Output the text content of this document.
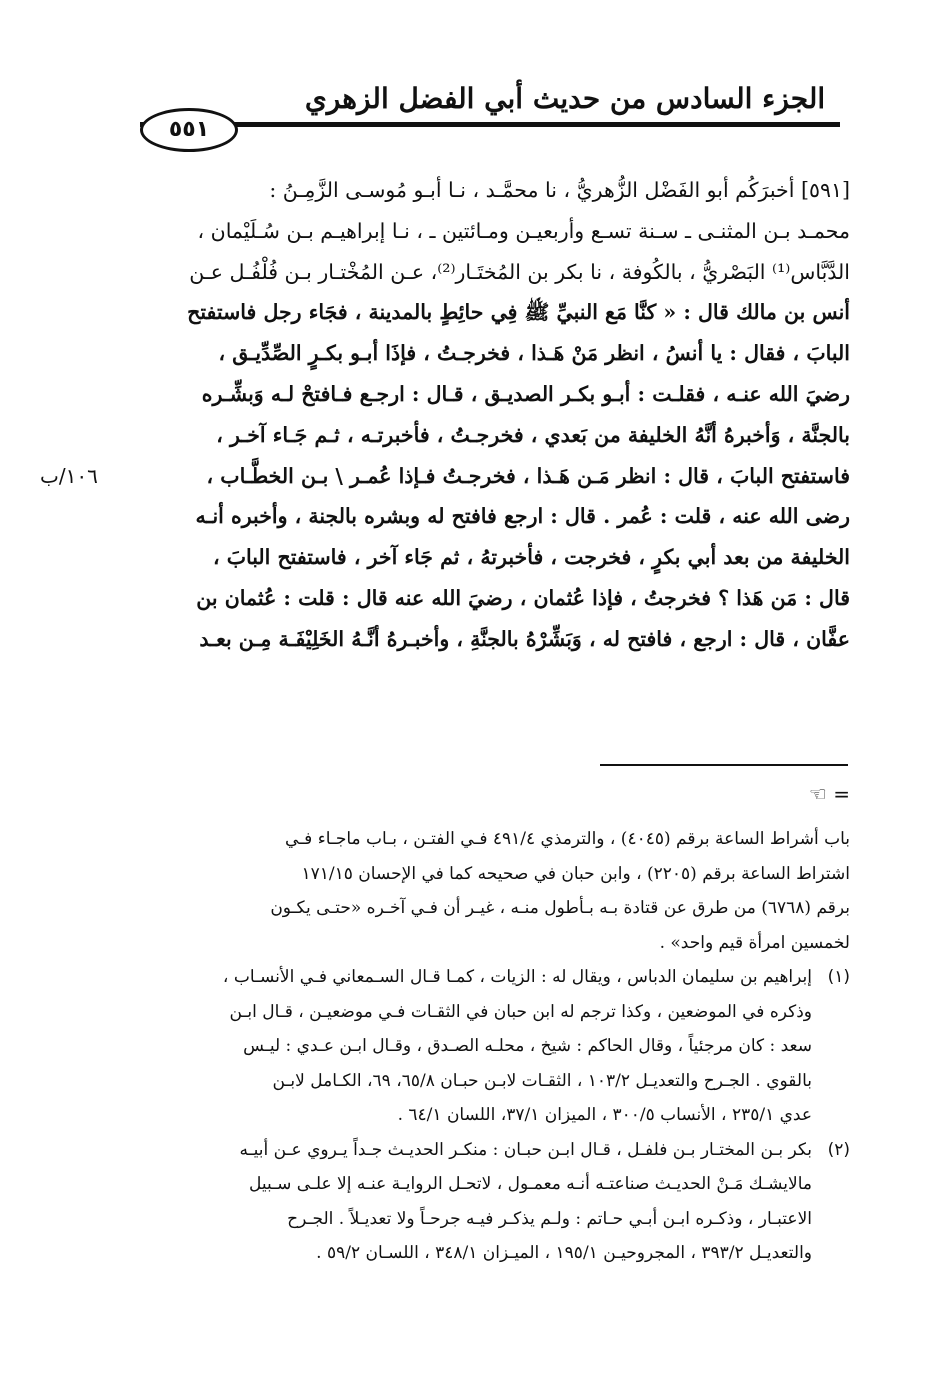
الجزء السادس من حديث أبي الفضل الزهري
٥٥١
[٥٩١] أخبرَكُم أبو الفَضْل الزُّهريُّ ، نا محمَّـد ، نـا أبـو مُوسـى الزَّمِـنُ :
محمـد بـن المثنـى ـ سـنة تسـع وأربعيـن ومـائتين ـ ، نـا إبراهيـم بـن سُـلَيْمان ،
الدَّبَّاس⁽¹⁾ البَصْريُّ ، بالكُوفة ، نا بكر بن المُختَـار⁽²⁾، عـن المُخْتـار بـن فُلْفُـل عـن
أنس بن مالك قال : « كنَّا مَع النبيِّ ﷺ فِي حائِطٍ بالمدينة ، فجَاء رجل فاستفتح
البابَ ، فقال : يا أنسُ ، انظر مَنْ هَـذا ، فخرجـتُ ، فإذَا أبـو بكـرٍ الصِّدِّيـق ،
رضيَ الله عنـه ، فقلـت : أبـو بكـر الصديـق ، قـال : ارجـع فـافتحْ لـه وَبشِّـره
بالجنَّة ، وَأخبرهُ أنَّهُ الخليفة من بَعدي ، فخرجـتُ ، فأخبرتـه ، ثـم جَـاء آخـر ،
فاستفتح البابَ ، قال : انظر مَـن هَـذا ، فخرجـتُ فـإذا عُمـر \ بـن الخطَّـاب ،
رضى الله عنه ، قلت : عُمر . قال : ارجع فافتح له وبشره بالجنة ، وأخبره أنـه
الخليفة من بعد أبي بكرٍ ، فخرجت ، فأخبرتهُ ، ثم جَاء آخر ، فاستفتح البابَ ،
قال : مَن هَذا ؟ فخرجتُ ، فإذا عُثمان ، رضيَ الله عنه قال : قلت : عُثمان بن
عفَّان ، قال : ارجع ، فافتح له ، وَبَشِّرْهُ بالجنَّةِ ، وأخبـرهُ أنَّـهُ الخَلِيْفَـة مِـن بعـد
١٠٦/ب
= ☜
باب أشراط الساعة برقم (٤٠٤٥) ، والترمذي ٤٩١/٤ فـي الفتـن ، بـاب ماجـاء فـي
اشتراط الساعة برقم (٢٢٠٥) ، وابن حبان في صحيحه كما في الإحسان ١٧١/١٥
برقم (٦٧٦٨) من طرق عن قتادة بـه بـأطول منـه ، غيـر أن فـي آخـره «حتـى يكـون
لخمسين امرأة قيم واحد» .
(١)
إبراهيم بن سليمان الدباس ، ويقال له : الزيات ، كمـا قـال السـمعاني فـي الأنسـاب ،
وذكره في الموضعين ، وكذا ترجم له ابن حبان في الثقـات فـي موضعيـن ، قـال ابـن
سعد : كان مرجئياً ، وقال الحاكم : شيخ ، محلـه الصـدق ، وقـال ابـن عـدي : ليـس
بالقوي . الجـرح والتعديـل ١٠٣/٢ ، الثقـات لابـن حبـان ٦٥/٨، ٦٩، الكـامل لابـن
عدي ٢٣٥/١ ، الأنساب ٣٠٠/٥ ، الميزان ٣٧/١، اللسان ٦٤/١ .
(٢)
بكر بـن المختـار بـن فلفـل ، قـال ابـن حبـان : منكـر الحديـث جـداً يـروي عـن أبيـه
مالايشـك مَـنْ الحديـث صناعتـه أنـه معمـول ، لاتحـل الروايـة عنـه إلا علـى سـبيل
الاعتبـار ، وذكـره ابـن أبـي حـاتم : ولـم يذكـر فيـه جرحـاً ولا تعديـلاً . الجـرح
والتعديـل ٣٩٣/٢ ، المجروحيـن ١٩٥/١ ، الميـزان ٣٤٨/١ ، اللسـان ٥٩/٢ .
